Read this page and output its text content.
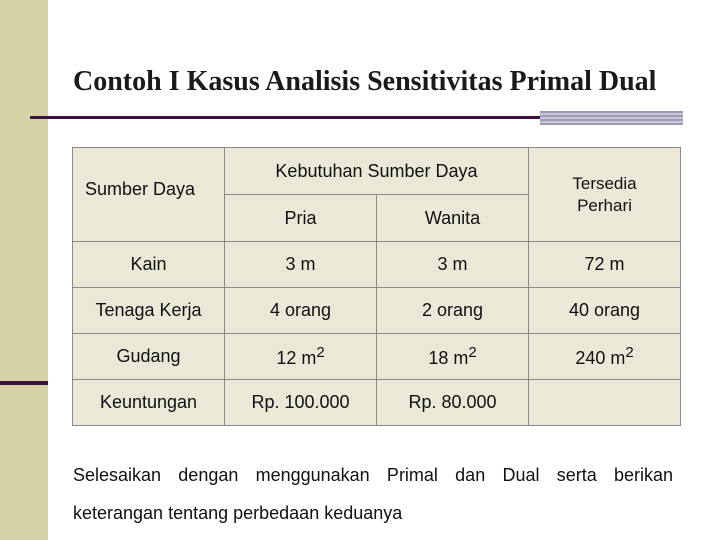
Contoh I Kasus Analisis Sensitivitas Primal Dual
Sumber Daya	Kebutuhan Sumber Daya		Tersedia
Perhari
	Pria	Wanita	
Kain	3 m	3 m	72 m
Tenaga Kerja	4 orang	2 orang	40 orang
Gudang	12 $m^2$	18 $m^2$	240 $m^2$
Keuntungan	Rp. 100.000	Rp. 80.000	

Selesaikan dengan menggunakan Primal dan Dual serta berikan keterangan tentang perbedaan keduanya
